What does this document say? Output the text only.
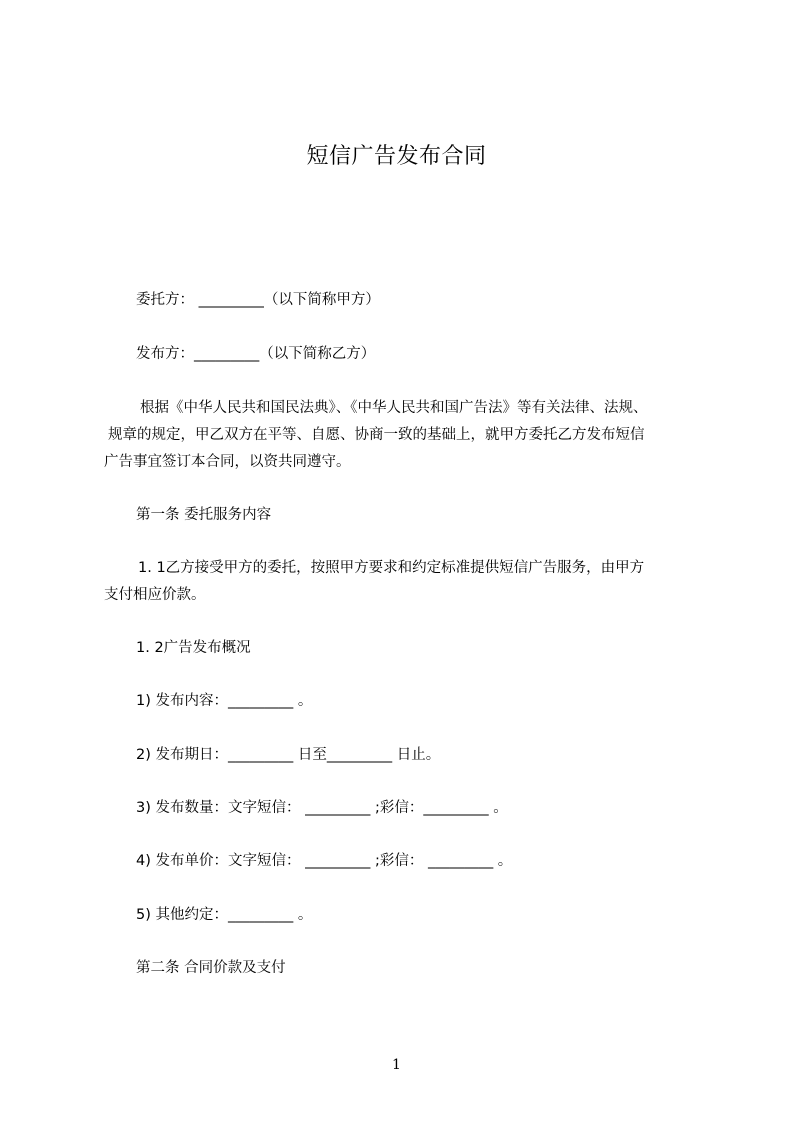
短信广告发布合同
委托方： _________（以下简称甲方）
发布方：_________（以下简称乙方）
根据《中华人民共和国民法典》、《中华人民共和国广告法》等有关法律、法规、
规章的规定，甲乙双方在平等、自愿、协商一致的基础上，就甲方委托乙方发布短信
广告事宜签订本合同，以资共同遵守。
第一条 委托服务内容
1. 1乙方接受甲方的委托，按照甲方要求和约定标准提供短信广告服务，由甲方
支付相应价款。
1. 2广告发布概况
1) 发布内容：_________ 。
2) 发布期日：_________ 日至_________ 日止。
3) 发布数量：文字短信： _________ ;彩信：_________ 。
4) 发布单价：文字短信： _________ ;彩信： _________ 。
5) 其他约定：_________ 。
第二条 合同价款及支付
1
